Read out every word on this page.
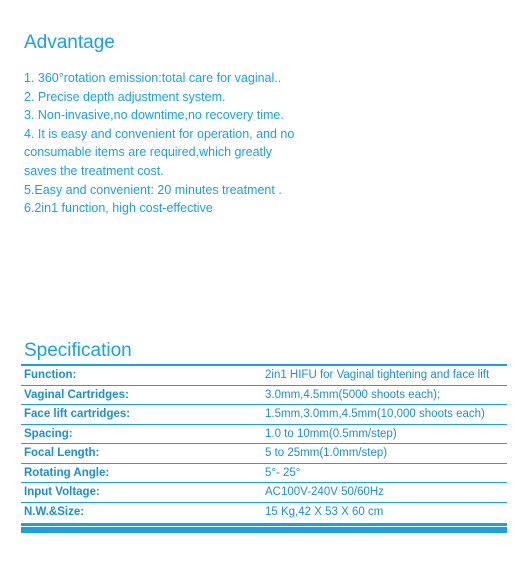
Advantage
1. 360°rotation emission:total care for vaginal..
2. Precise depth adjustment system.
3. Non-invasive,no downtime,no recovery time.
4. It is easy and convenient for operation, and no
consumable items are required,which greatly
saves the treatment cost.
5.Easy and convenient: 20 minutes treatment .
6.2in1 function, high cost-effective
Specification
Function:	2in1 HIFU for Vaginal tightening and face lift
Vaginal Cartridges:	3.0mm,4.5mm(5000 shoots each);
Face lift cartridges:	1.5mm,3.0mm,4.5mm(10,000 shoots each)
Spacing:	1.0 to 10mm(0.5mm/step)
Focal Length:	5 to 25mm(1.0mm/step)
Rotating Angle:	5°- 25°
Input Voltage:	AC100V-240V 50/60Hz
N.W.&Size:	15 Kg,42 X 53 X 60 cm
